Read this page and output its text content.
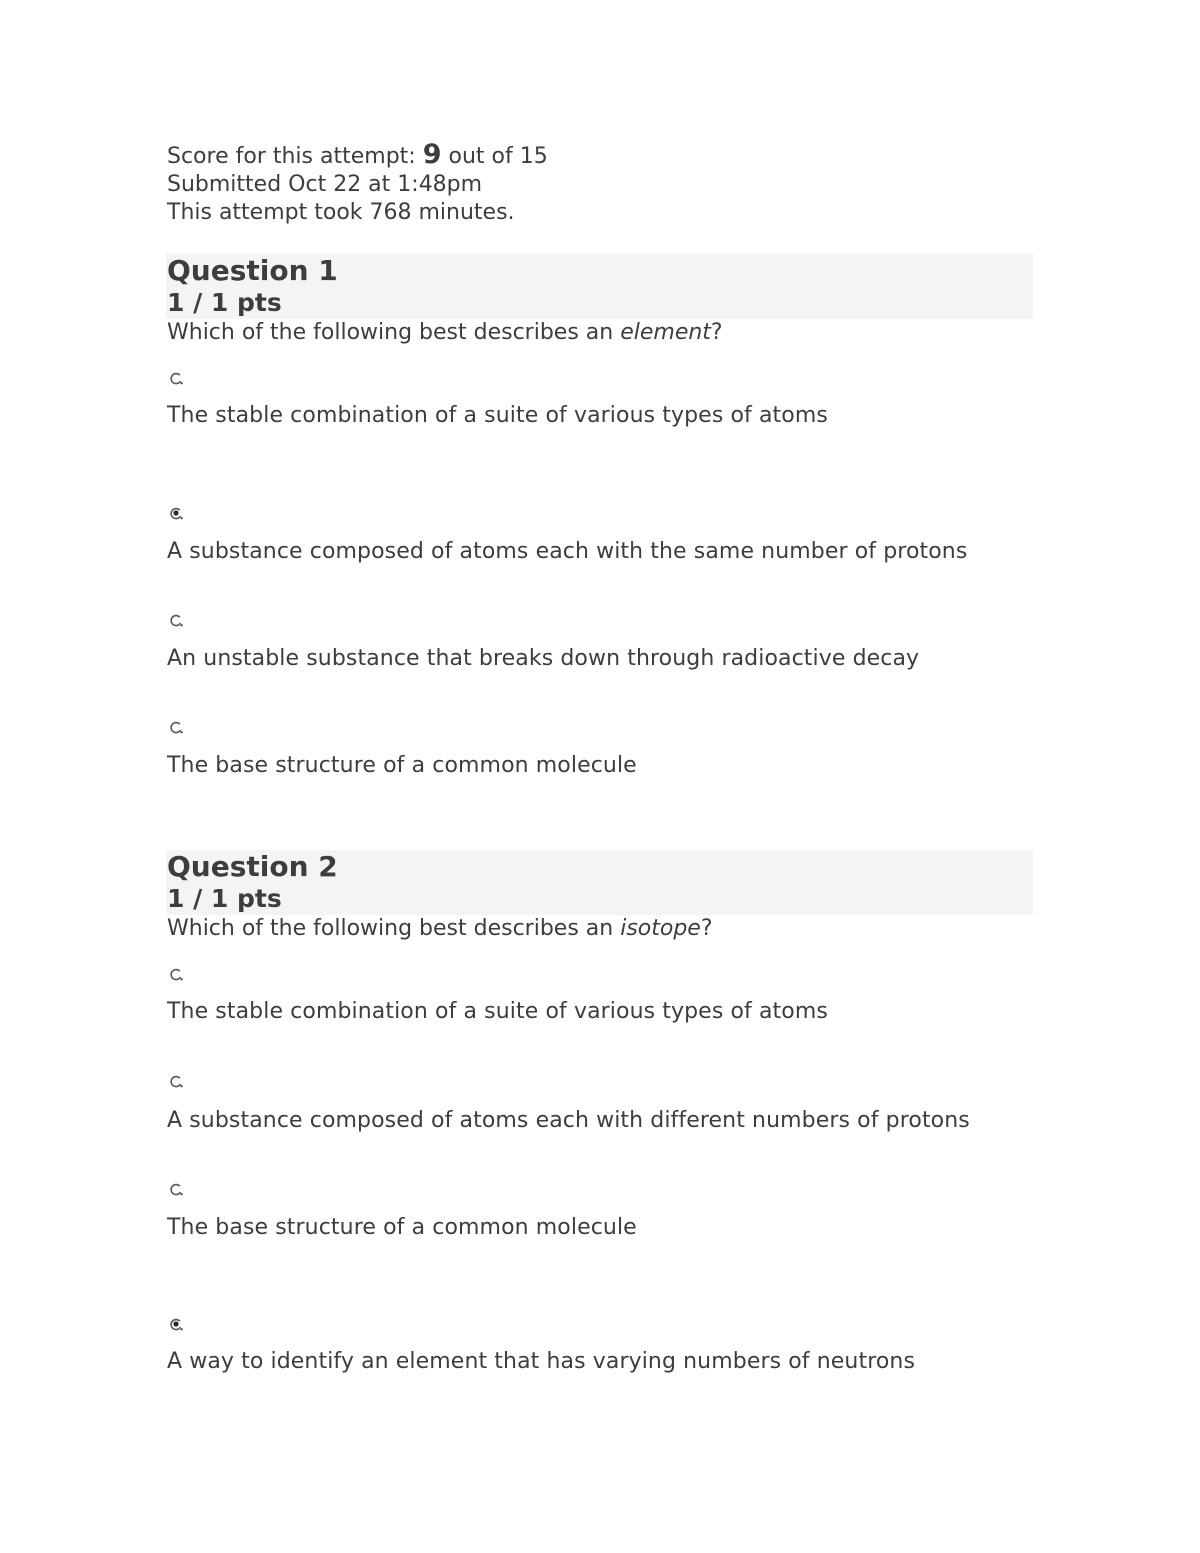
Score for this attempt: 9 out of 15
Submitted Oct 22 at 1:48pm
This attempt took 768 minutes.
Question 1
1 / 1 pts
Which of the following best describes an element?
The stable combination of a suite of various types of atoms
A substance composed of atoms each with the same number of protons
An unstable substance that breaks down through radioactive decay
The base structure of a common molecule
Question 2
1 / 1 pts
Which of the following best describes an isotope?
The stable combination of a suite of various types of atoms
A substance composed of atoms each with different numbers of protons
The base structure of a common molecule
A way to identify an element that has varying numbers of neutrons
